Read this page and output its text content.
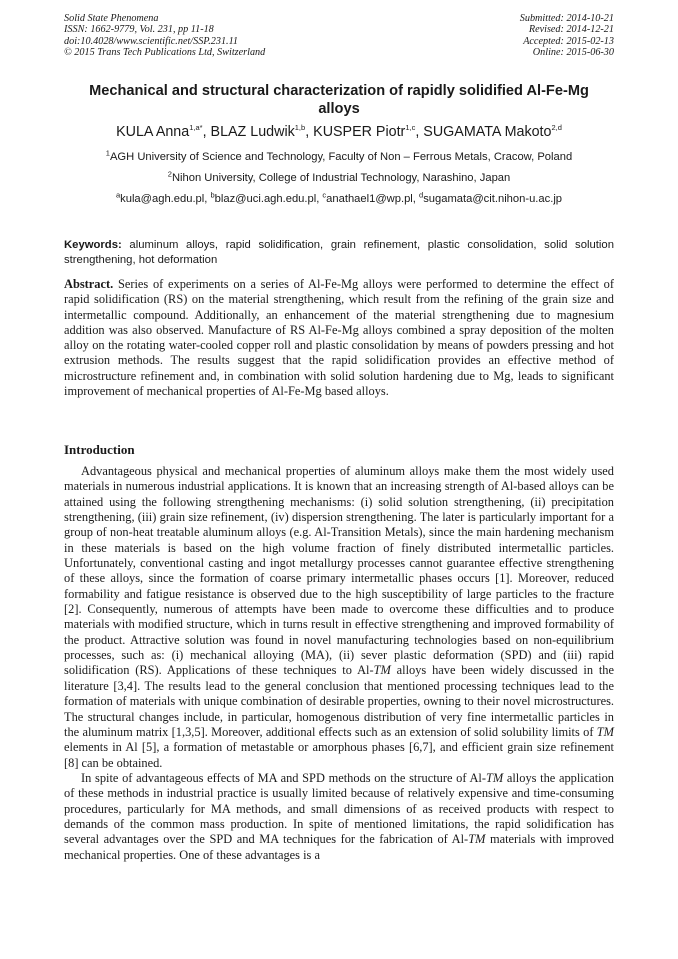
Solid State Phenomena
ISSN: 1662-9779, Vol. 231, pp 11-18
doi:10.4028/www.scientific.net/SSP.231.11
© 2015 Trans Tech Publications Ltd, Switzerland
Submitted: 2014-10-21
Revised: 2014-12-21
Accepted: 2015-02-13
Online: 2015-06-30
Mechanical and structural characterization of rapidly solidified Al-Fe-Mg
alloys
KULA Anna$^{1,a*}$, BLAZ Ludwik$^{1,b}$, KUSPER Piotr$^{1,c}$, SUGAMATA Makoto$^{2,d}$
$^1$AGH University of Science and Technology, Faculty of Non – Ferrous Metals, Cracow, Poland
$^2$Nihon University, College of Industrial Technology, Narashino, Japan
$^a$kula@agh.edu.pl, $^b$blaz@uci.agh.edu.pl, $^c$anathael1@wp.pl, $^d$sugamata@cit.nihon-u.ac.jp
Keywords: aluminum alloys, rapid solidification, grain refinement, plastic consolidation, solid solution strengthening, hot deformation
Abstract. Series of experiments on a series of Al-Fe-Mg alloys were performed to determine the effect of rapid solidification (RS) on the material strengthening, which result from the refining of the grain size and intermetallic compound. Additionally, an enhancement of the material strengthening due to magnesium addition was also observed. Manufacture of RS Al-Fe-Mg alloys combined a spray deposition of the molten alloy on the rotating water-cooled copper roll and plastic consolidation by means of powders pressing and hot extrusion methods. The results suggest that the rapid solidification provides an effective method of microstructure refinement and, in combination with solid solution hardening due to Mg, leads to significant improvement of mechanical properties of Al-Fe-Mg based alloys.
Introduction

Advantageous physical and mechanical properties of aluminum alloys make them the most widely used materials in numerous industrial applications. It is known that an increasing strength of Al-based alloys can be attained using the following strengthening mechanisms: (i) solid solution strengthening, (ii) precipitation strengthening, (iii) grain size refinement, (iv) dispersion strengthening. The later is particularly important for a group of non-heat treatable aluminum alloys (e.g. Al-Transition Metals), since the main hardening mechanism in these materials is based on the high volume fraction of finely distributed intermetallic particles. Unfortunately, conventional casting and ingot metallurgy processes cannot guarantee effective strengthening of these alloys, since the formation of coarse primary intermetallic phases occurs [1]. Moreover, reduced formability and fatigue resistance is observed due to the high susceptibility of large particles to the fracture [2]. Consequently, numerous of attempts have been made to overcome these difficulties and to produce materials with modified structure, which in turns result in effective strengthening and improved formability of the product. Attractive solution was found in novel manufacturing technologies based on non-equilibrium processes, such as: (i) mechanical alloying (MA), (ii) sever plastic deformation (SPD) and (iii) rapid solidification (RS). Applications of these techniques to Al-TM alloys have been widely discussed in the literature [3,4]. The results lead to the general conclusion that mentioned processing techniques lead to the formation of materials with unique combination of desirable properties, owning to their novel microstructures. The structural changes include, in particular, homogenous distribution of very fine intermetallic particles in the aluminum matrix [1,3,5]. Moreover, additional effects such as an extension of solid solubility limits of TM elements in Al [5], a formation of metastable or amorphous phases [6,7], and efficient grain size refinement [8] can be obtained.

In spite of advantageous effects of MA and SPD methods on the structure of Al-TM alloys the application of these methods in industrial practice is usually limited because of relatively expensive and time-consuming procedures, particularly for MA methods, and small dimensions of as received products with respect to demands of the common mass production. In spite of mentioned limitations, the rapid solidification has several advantages over the SPD and MA techniques for the fabrication of Al-TM materials with improved mechanical properties. One of these advantages is a
